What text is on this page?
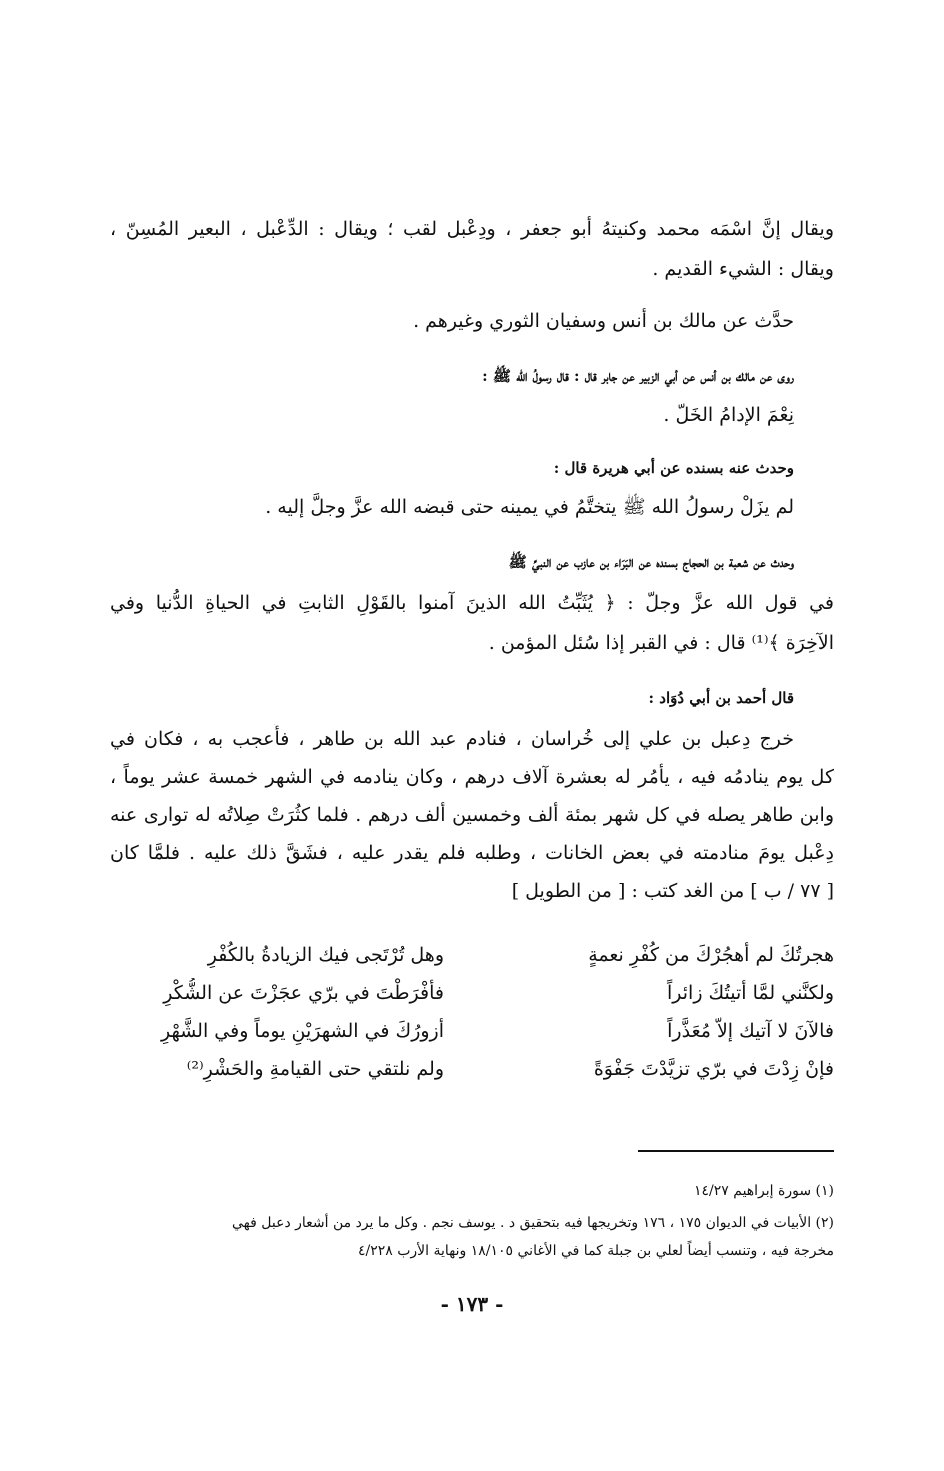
ويقال إنَّ اسْمَه محمد وكنيتهُ أبو جعفر ، ودِعْبل لقب ؛ ويقال : الدِّعْبل ، البعير المُسِنّ ،
ويقال : الشيء القديم .
حدَّث عن مالك بن أنس وسفيان الثوري وغيرهم .
روى عن مالك بن أنس عن أبي الزبير عن جابر قال : قال رسولُ الله ﷺ :
نِعْمَ الإدامُ الخَلّ .
وحدث عنه بسنده عن أبي هريرة قال :
لم يزَلْ رسولُ الله ﷺ يتختَّمُ في يمينه حتى قبضه الله عزَّ وجلَّ إليه .
وحدث عن شعبة بن الحجاج بسنده عن البَرَاء بن عازب عن النبيِّ ﷺ
في قول الله عزَّ وجلّ : ﴿ يُثَبِّتُ الله الذينَ آمنوا بالقَوْلِ الثابتِ في الحياةِ الدُّنيا وفي
الآخِرَة ﴾⁽¹⁾ قال : في القبر إذا سُئل المؤمن .
قال أحمد بن أبي دُوَاد :
خرج دِعبل بن علي إلى خُراسان ، فنادم عبد الله بن طاهر ، فأُعجب به ، فكان في
كل يوم ينادمُه فيه ، يأمُر له بعشرة آلاف درهم ، وكان ينادمه في الشهر خمسة عشر يوماً ،
وابن طاهر يصله في كل شهر بمئة ألف وخمسين ألف درهم . فلما كثُرَتْ صِلاتُه له توارى عنه
دِعْبل يومَ منادمته في بعض الخانات ، وطلبه فلم يقدر عليه ، فشَقَّ ذلك عليه . فلمَّا كان
[ ٧٧ / ب ] من الغد كتب : [ من الطويل ]
هجرتُكَ لم أهجُرْكَ من كُفْرِ نعمةٍ
وهل تُرْتَجى فيك الزيادةُ بالكُفْرِ
ولكنَّني لمَّا أتيتُكَ زائراً
فأفْرَطْتَ في برّي عجَزْتَ عن الشُّكْرِ
فالآنَ لا آتيك إلاّ مُعَذَّراً
أزورُكَ في الشهرَيْنِ يوماً وفي الشَّهْرِ
فإنْ زِدْتَ في برّي تزيَّدْتَ جَفْوَةً
ولم نلتقي حتى القيامةِ والحَشْرِ⁽²⁾
(١) سورة إبراهيم ١٤/٢٧
(٢) الأبيات في الديوان ١٧٥ ، ١٧٦ وتخريجها فيه بتحقيق د . يوسف نجم . وكل ما يرد من أشعار دعبل فهي
مخرجة فيه ، وتنسب أيضاً لعلي بن جبلة كما في الأغاني ١٨/١٠٥ ونهاية الأرب ٤/٢٢٨
- ١٧٣ -
